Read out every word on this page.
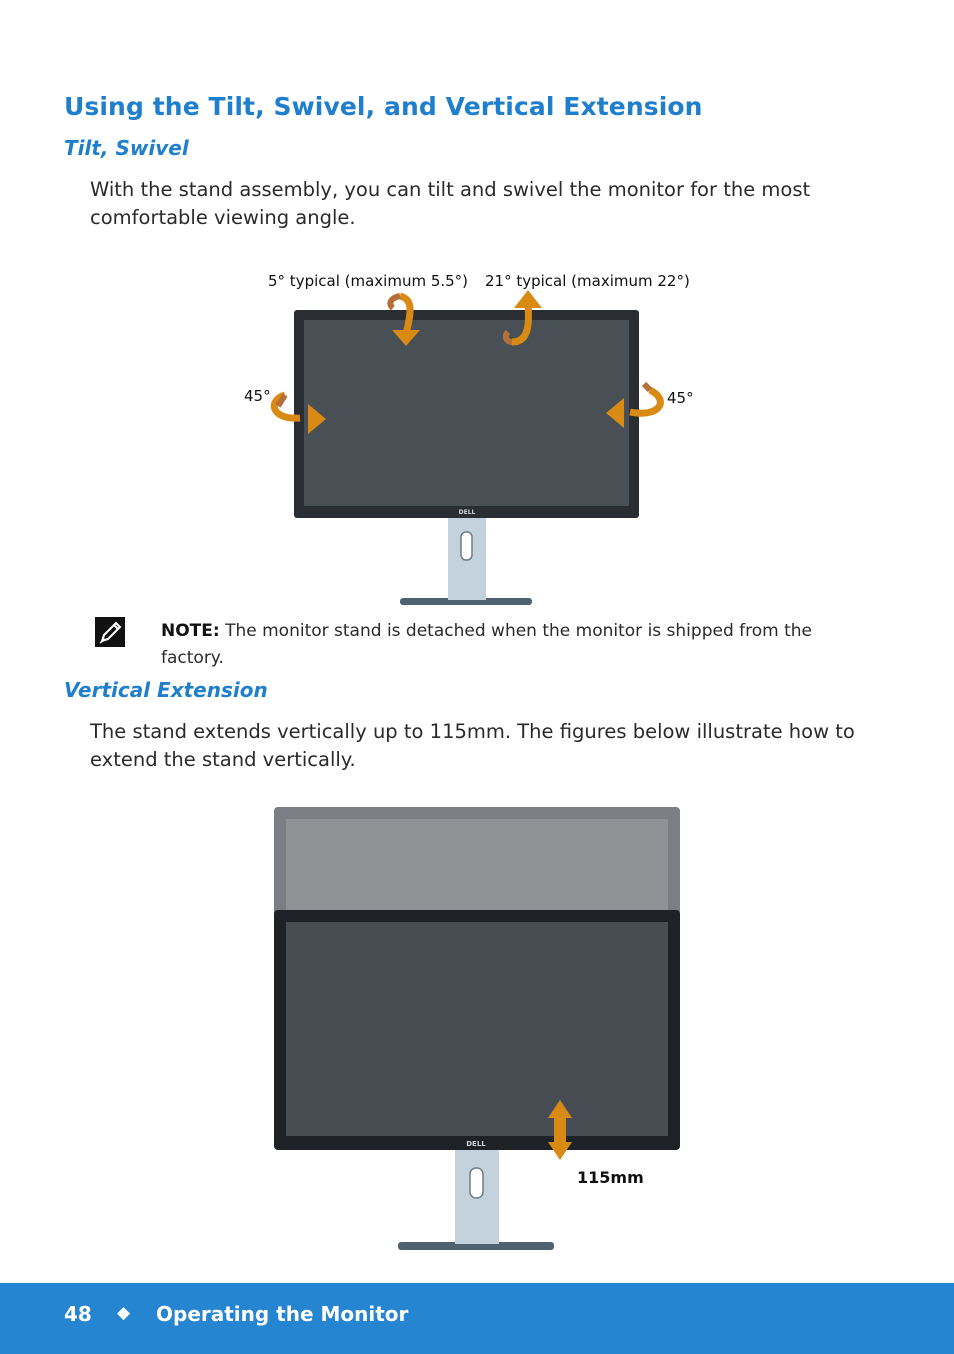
Using the Tilt, Swivel, and Vertical Extension
Tilt, Swivel
With the stand assembly, you can tilt and swivel the monitor for the most comfortable viewing angle.
DELL
5° typical (maximum 5.5°) 21° typical (maximum 22°)
45°	45°
NOTE: The monitor stand is detached when the monitor is shipped from the factory.
Vertical Extension
The stand extends vertically up to 115mm. The figures below illustrate how to extend the stand vertically.
DELL
115mm
48 ◆ Operating the Monitor
